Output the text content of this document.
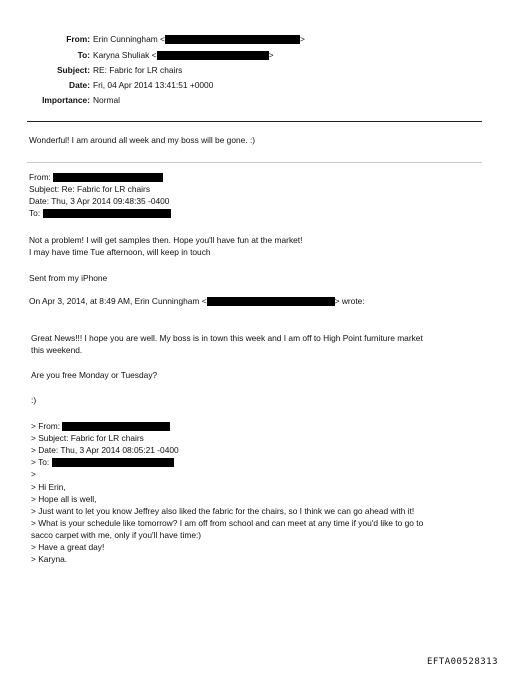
From: Erin Cunningham <	>
To: Karyna Shuliak <	>
Subject: RE: Fabric for LR chairs
Date: Fri, 04 Apr 2014 13:41:51 +0000
Importance: Normal
Wonderful! I am around all week and my boss will be gone. :)
From:
Subject: Re: Fabric for LR chairs
Date: Thu, 3 Apr 2014 09:48:35 -0400
To:
Not a problem! I will get samples then. Hope you'll have fun at the market!
I may have time Tue afternoon, will keep in touch
Sent from my iPhone
On Apr 3, 2014, at 8:49 AM, Erin Cunningham <	> wrote:
Great News!!! I hope you are well. My boss is in town this week and I am off to High Point furniture market
this weekend.
Are you free Monday or Tuesday?
:)
> From:
> Subject: Fabric for LR chairs
> Date: Thu, 3 Apr 2014 08:05:21 -0400
> To:
>
> Hi Erin,
> Hope all is well,
> Just want to let you know Jeffrey also liked the fabric for the chairs, so I think we can go ahead with it!
> What is your schedule like tomorrow? I am off from school and can meet at any time if you'd like to go to
sacco carpet with me, only if you'll have time:)
> Have a great day!
> Karyna.
EFTA00528313
